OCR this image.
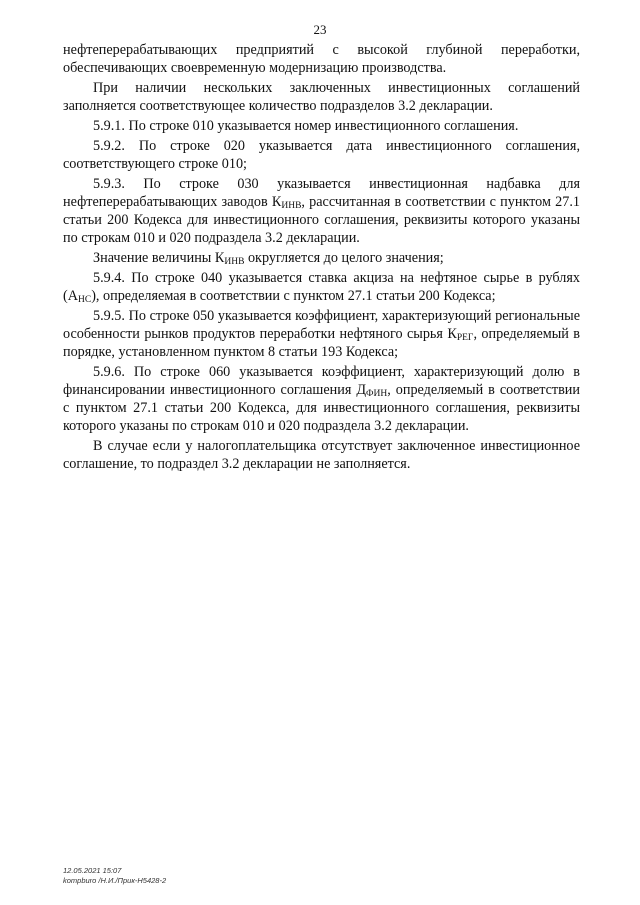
23

нефтеперерабатывающих предприятий с высокой глубиной переработки, обеспечивающих своевременную модернизацию производства.

При наличии нескольких заключенных инвестиционных соглашений заполняется соответствующее количество подразделов 3.2 декларации.

5.9.1. По строке 010 указывается номер инвестиционного соглашения.

5.9.2. По строке 020 указывается дата инвестиционного соглашения, соответствующего строке 010;

5.9.3. По строке 030 указывается инвестиционная надбавка для нефтеперерабатывающих заводов $К_{ИНВ}$, рассчитанная в соответствии с пунктом 27.1 статьи 200 Кодекса для инвестиционного соглашения, реквизиты которого указаны по строкам 010 и 020 подраздела 3.2 декларации.

Значение величины $К_{ИНВ}$ округляется до целого значения;

5.9.4. По строке 040 указывается ставка акциза на нефтяное сырье в рублях $(А_{НС})$, определяемая в соответствии с пунктом 27.1 статьи 200 Кодекса;

5.9.5. По строке 050 указывается коэффициент, характеризующий региональные особенности рынков продуктов переработки нефтяного сырья $К_{РЕГ}$, определяемый в порядке, установленном пунктом 8 статьи 193 Кодекса;

5.9.6. По строке 060 указывается коэффициент, характеризующий долю в финансировании инвестиционного соглашения $Д_{ФИН}$, определяемый в соответствии с пунктом 27.1 статьи 200 Кодекса, для инвестиционного соглашения, реквизиты которого указаны по строкам 010 и 020 подраздела 3.2 декларации.

В случае если у налогоплательщика отсутствует заключенное инвестиционное соглашение, то подраздел 3.2 декларации не заполняется.

12.05.2021 15:07
kompburo /Н.И./Прик-Н5428-2
